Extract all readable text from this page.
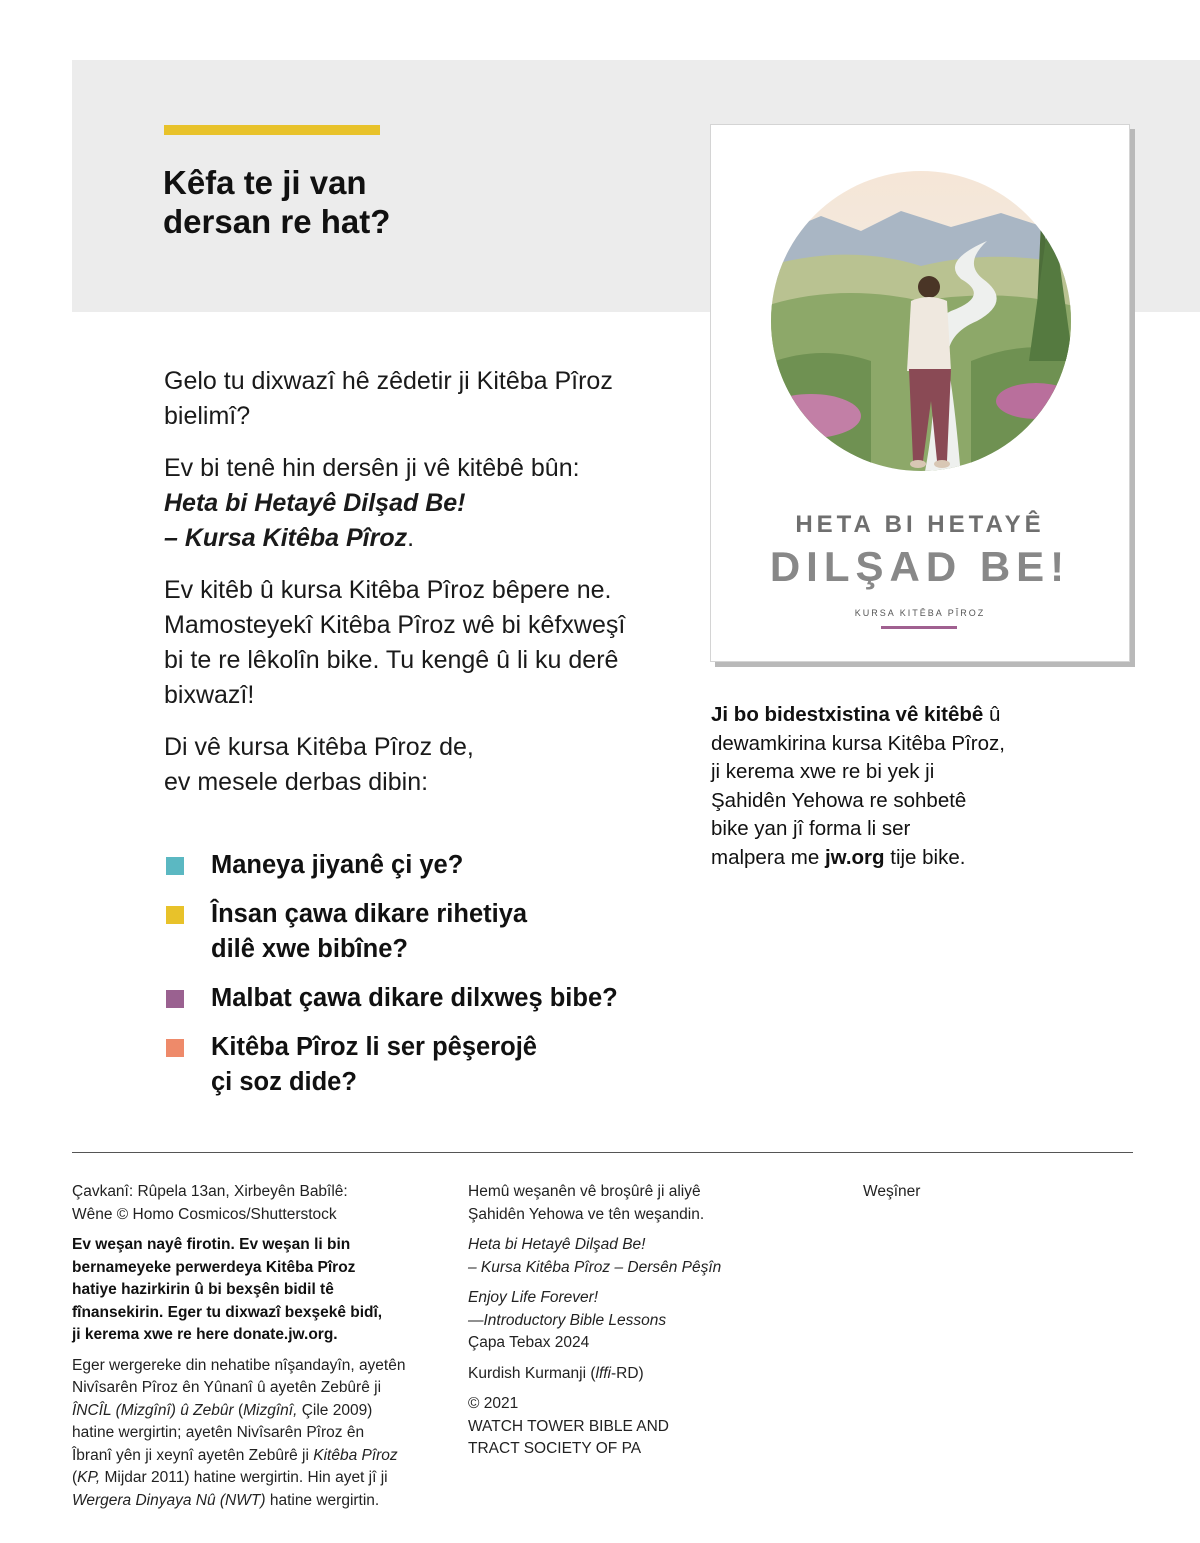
Kêfa te ji van
dersan re hat?

Gelo tu dixwazî hê zêdetir ji Kitêba Pîroz
bielimî?

Ev bi tenê hin dersên ji vê kitêbê bûn:
Heta bi Hetayê Dilşad Be!
– Kursa Kitêba Pîroz.

Ev kitêb û kursa Kitêba Pîroz bêpere ne.
Mamosteyekî Kitêba Pîroz wê bi kêfxweşî
bi te re lêkolîn bike. Tu kengê û li ku derê
bixwazî!

Di vê kursa Kitêba Pîroz de,
ev mesele derbas dibin:

Maneya jiyanê çi ye?
Însan çawa dikare rihetiya
dilê xwe bibîne?
Malbat çawa dikare dilxweş bibe?
Kitêba Pîroz li ser pêşerojê
çi soz dide?
HETA BI HETAYÊ
DILŞAD BE!
KURSA KITÊBA PÎROZ
Ji bo bidestxistina vê kitêbê û
dewamkirina kursa Kitêba Pîroz,
ji kerema xwe re bi yek ji
Şahidên Yehowa re sohbetê
bike yan jî forma li ser
malpera me jw.org tije bike.

Çavkanî: Rûpela 13an, Xirbeyên Babîlê:
Wêne © Homo Cosmicos/Shutterstock

Ev weşan nayê firotin. Ev weşan li bin
bernameyeke perwerdeya Kitêba Pîroz
hatiye hazirkirin û bi bexşên bidil tê
fînansekirin. Eger tu dixwazî bexşekê bidî,
ji kerema xwe re here donate.jw.org.

Eger wergereke din nehatibe nîşandayîn, ayetên
Nivîsarên Pîroz ên Yûnanî û ayetên Zebûrê ji
ÎNCÎL (Mizgînî) û Zebûr (Mizgînî, Çile 2009)
hatine wergirtin; ayetên Nivîsarên Pîroz ên
Îbranî yên ji xeynî ayetên Zebûrê ji Kitêba Pîroz
(KP, Mijdar 2011) hatine wergirtin. Hin ayet jî ji
Wergera Dinyaya Nû (NWT) hatine wergirtin.

Hemû weşanên vê broşûrê ji aliyê
Şahidên Yehowa ve tên weşandin.

Heta bi Hetayê Dilşad Be!
– Kursa Kitêba Pîroz – Dersên Pêşîn

Enjoy Life Forever!
—Introductory Bible Lessons
Çapa Tebax 2024

Kurdish Kurmanji (lffi-RD)

© 2021
WATCH TOWER BIBLE AND
TRACT SOCIETY OF PA

Weşîner
